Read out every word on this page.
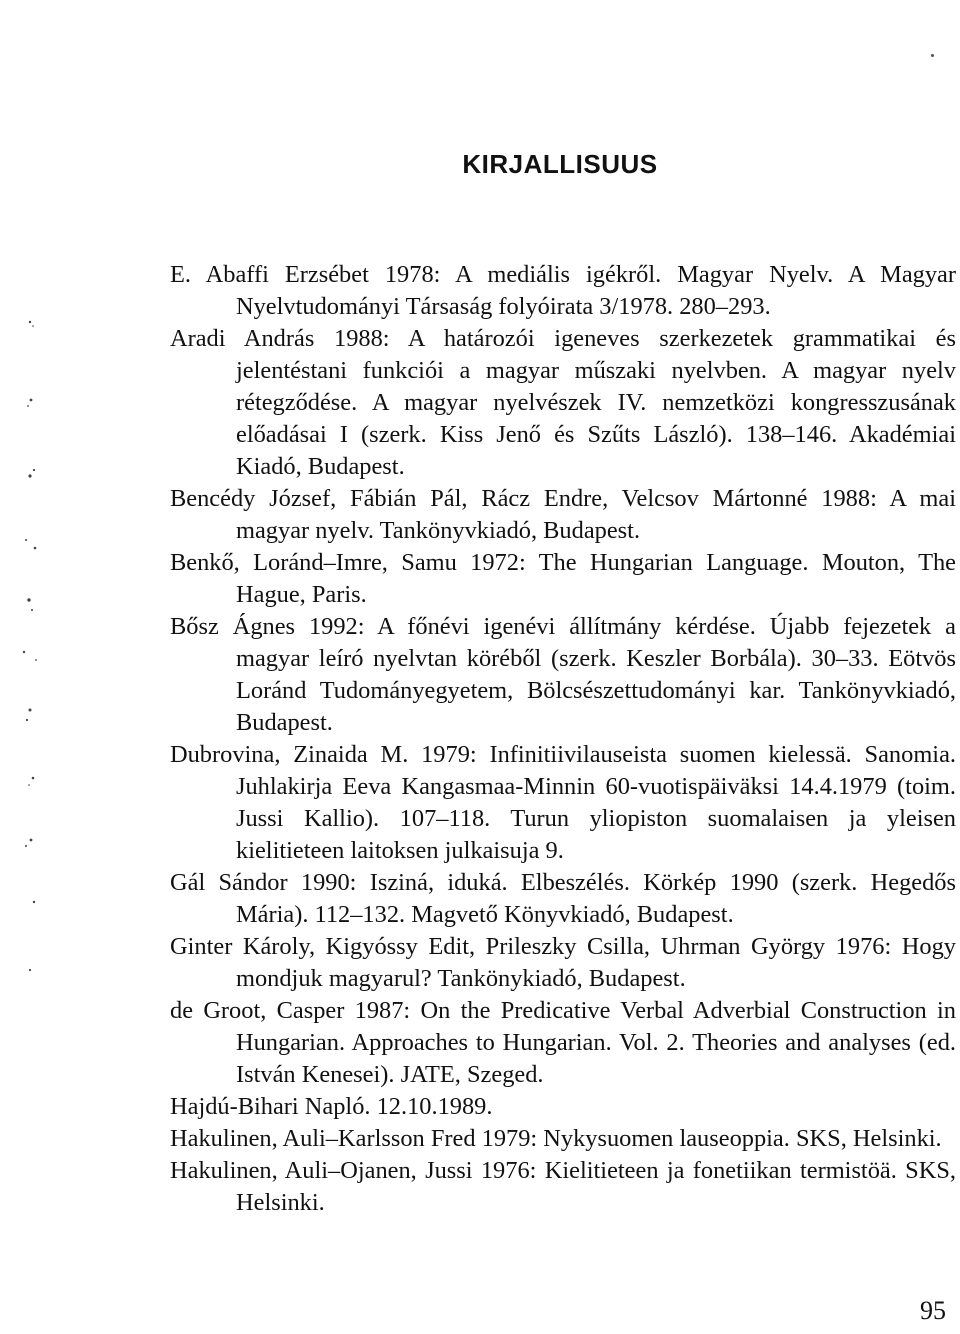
KIRJALLISUUS
E. Abaffi Erzsébet 1978: A mediális igékről. Magyar Nyelv. A Magyar Nyelvtudományi Társaság folyóirata 3/1978. 280–293.
Aradi András 1988: A határozói igeneves szerkezetek grammatikai és jelentéstani funkciói a magyar műszaki nyelvben. A magyar nyelv rétegződése. A magyar nyelvészek IV. nemzetközi kongresszusának előadásai I (szerk. Kiss Jenő és Szűts László). 138–146. Akadémiai Kiadó, Budapest.
Bencédy József, Fábián Pál, Rácz Endre, Velcsov Mártonné 1988: A mai magyar nyelv. Tankönyvkiadó, Budapest.
Benkő, Loránd–Imre, Samu 1972: The Hungarian Language. Mouton, The Hague, Paris.
Bősz Ágnes 1992: A főnévi igenévi állítmány kérdése. Újabb fejezetek a magyar leíró nyelvtan köréből (szerk. Keszler Borbála). 30–33. Eötvös Loránd Tudományegyetem, Bölcsészettudományi kar. Tankönyvkiadó, Budapest.
Dubrovina, Zinaida M. 1979: Infinitiivilauseista suomen kielessä. Sanomia. Juhlakirja Eeva Kangasmaa-Minnin 60-vuotispäiväksi 14.4.1979 (toim. Jussi Kallio). 107–118. Turun yliopiston suomalaisen ja yleisen kielitieteen laitoksen julkaisuja 9.
Gál Sándor 1990: Isziná, iduká. Elbeszélés. Körkép 1990 (szerk. Hegedős Mária). 112–132. Magvető Könyvkiadó, Budapest.
Ginter Károly, Kigyóssy Edit, Prileszky Csilla, Uhrman György 1976: Hogy mondjuk magyarul? Tankönykiadó, Budapest.
de Groot, Casper 1987: On the Predicative Verbal Adverbial Construction in Hungarian. Approaches to Hungarian. Vol. 2. Theories and analyses (ed. István Kenesei). JATE, Szeged.
Hajdú-Bihari Napló. 12.10.1989.
Hakulinen, Auli–Karlsson Fred 1979: Nykysuomen lauseoppia. SKS, Helsinki.
Hakulinen, Auli–Ojanen, Jussi 1976: Kielitieteen ja fonetiikan termistöä. SKS, Helsinki.
95
